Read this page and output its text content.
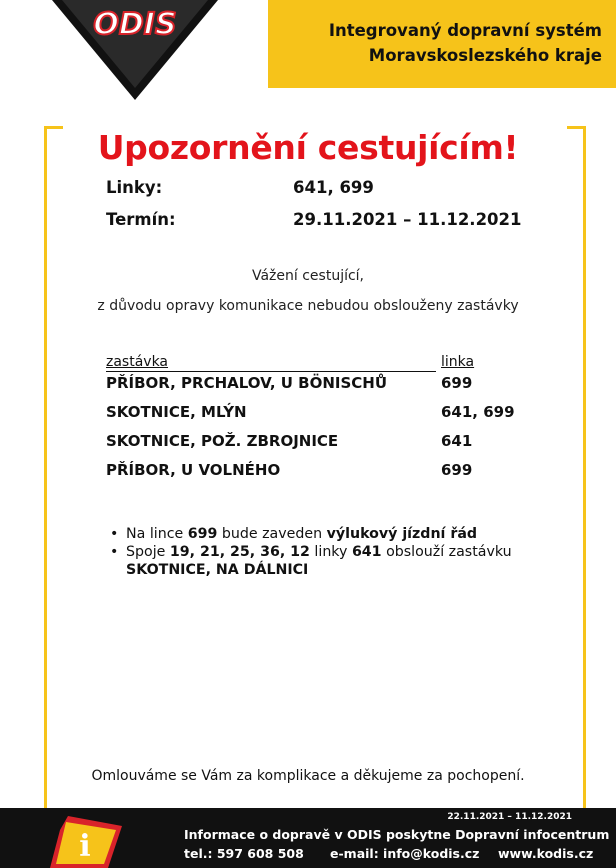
ODIS	Integrovaný dopravní systém
Moravskoslezského kraje
Upozornění cestujícím!
Linky:	641, 699
Termín:	29.11.2021 – 11.12.2021
Vážení cestující,
z důvodu opravy komunikace nebudou obslouženy zastávky
zastávka	linka
PŘÍBOR, PRCHALOV, U BÖNISCHŮ	699
SKOTNICE, MLÝN	641, 699
SKOTNICE, POŽ. ZBROJNICE	641
PŘÍBOR, U VOLNÉHO	699
• Na lince 699 bude zaveden výlukový jízdní řád
• Spoje 19, 21, 25, 36, 12 linky 641 obslouží zastávku
SKOTNICE, NA DÁLNICI
Omlouváme se Vám za komplikace a děkujeme za pochopení.
i
22.11.2021 – 11.12.2021
Informace o dopravě v ODIS poskytne Dopravní infocentrum
tel.: 597 608 508 e-mail: info@kodis.cz www.kodis.cz
